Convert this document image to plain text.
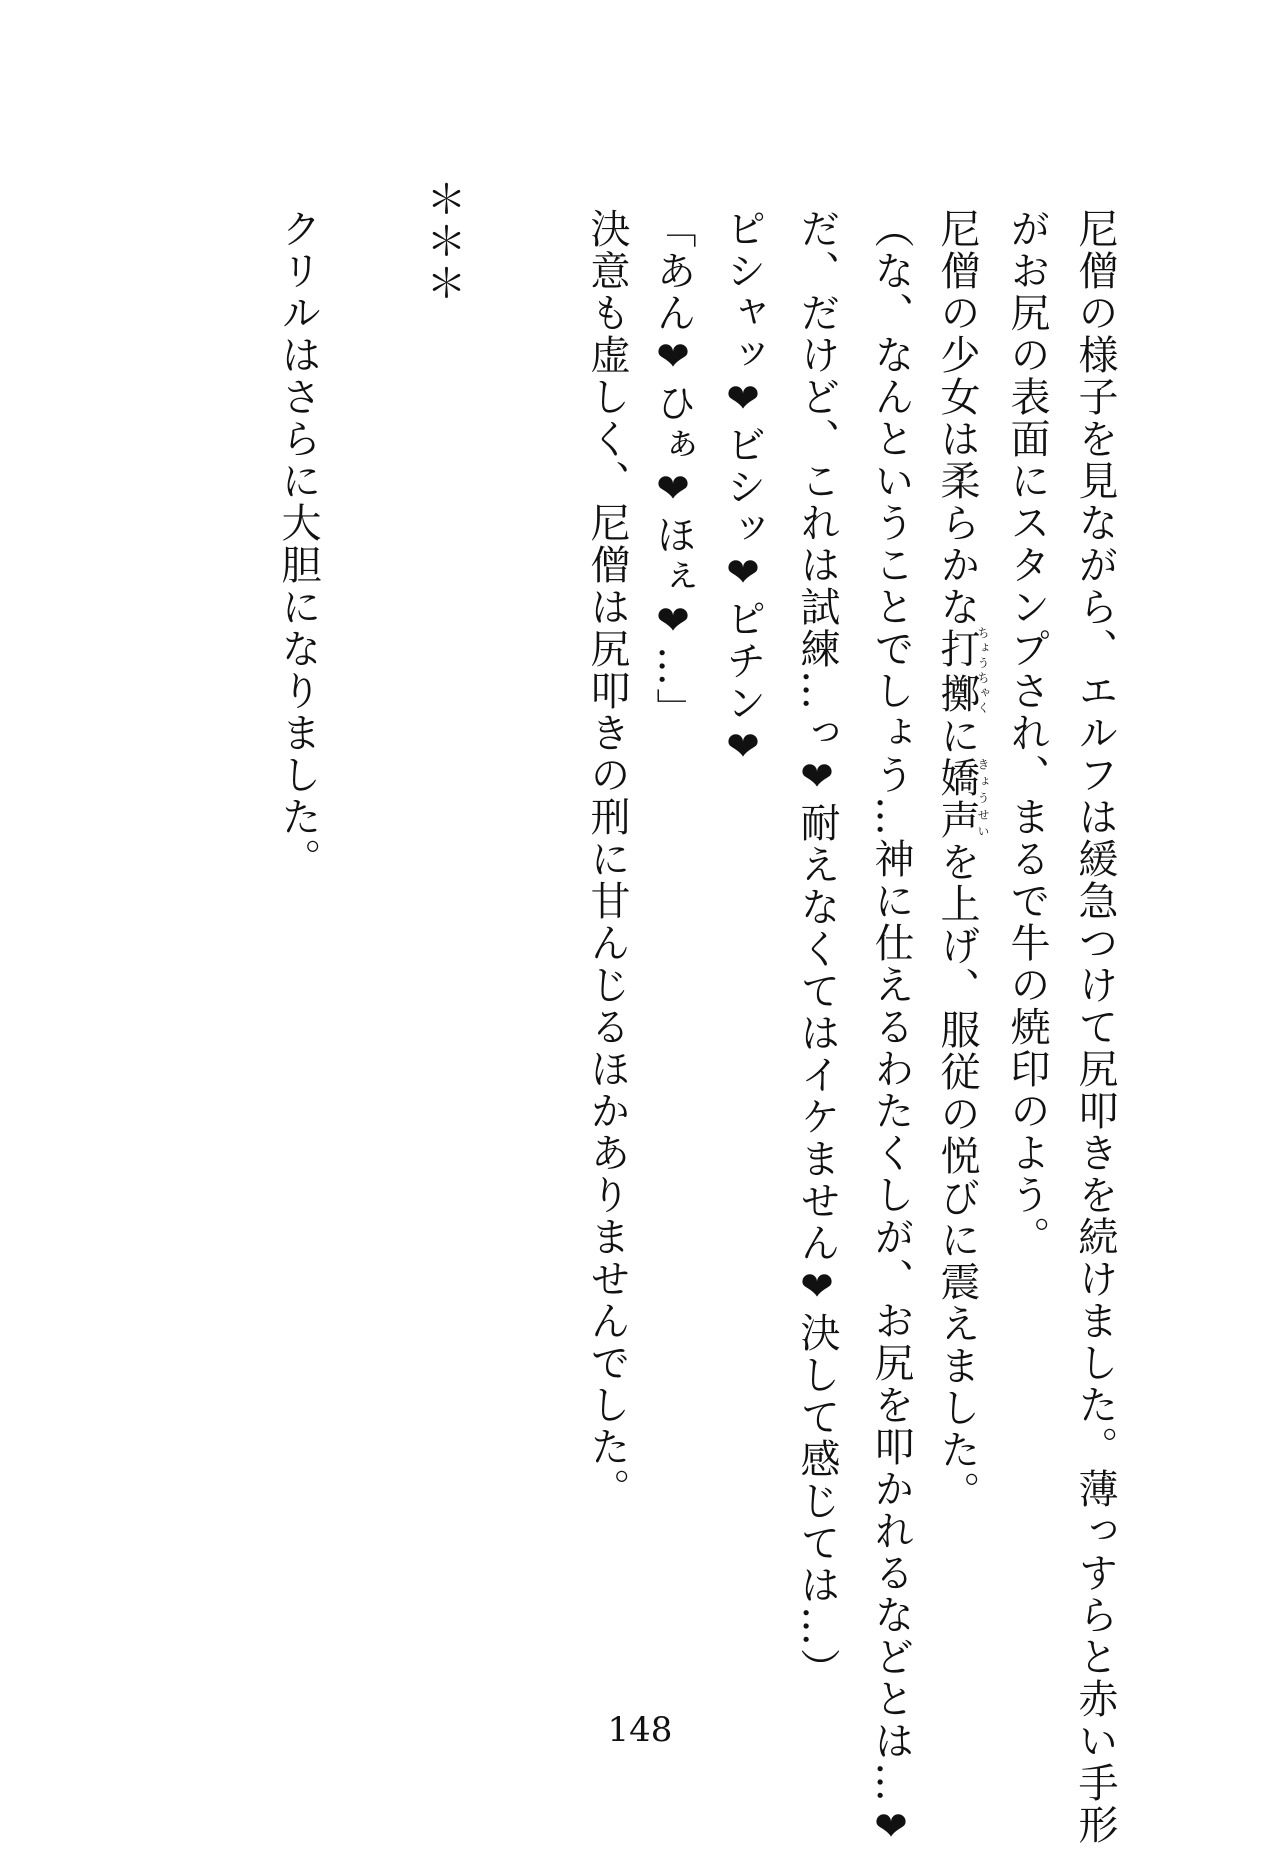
尼僧の様子を見ながら、エルフは緩急つけて尻叩きを続けました。薄っすらと赤い手形
がお尻の表面にスタンプされ、まるで牛の焼印のよう。
尼僧の少女は柔らかな打擲ちょうちゃくに嬌声きょうせいを上げ、服従の悦びに震えました。
（な、なんということでしょう…神に仕えるわたくしが、お尻を叩かれるなどとは…❤
だ、だけど、これは試練…っ❤耐えなくてはイケません❤決して感じては…）
ピシャッ❤ビシッ❤ピチン❤
「あん❤ひぁ❤ほぇ❤…」
決意も虚しく、尼僧は尻叩きの刑に甘んじるほかありませんでした。
＊＊＊
クリルはさらに大胆になりました。
148
